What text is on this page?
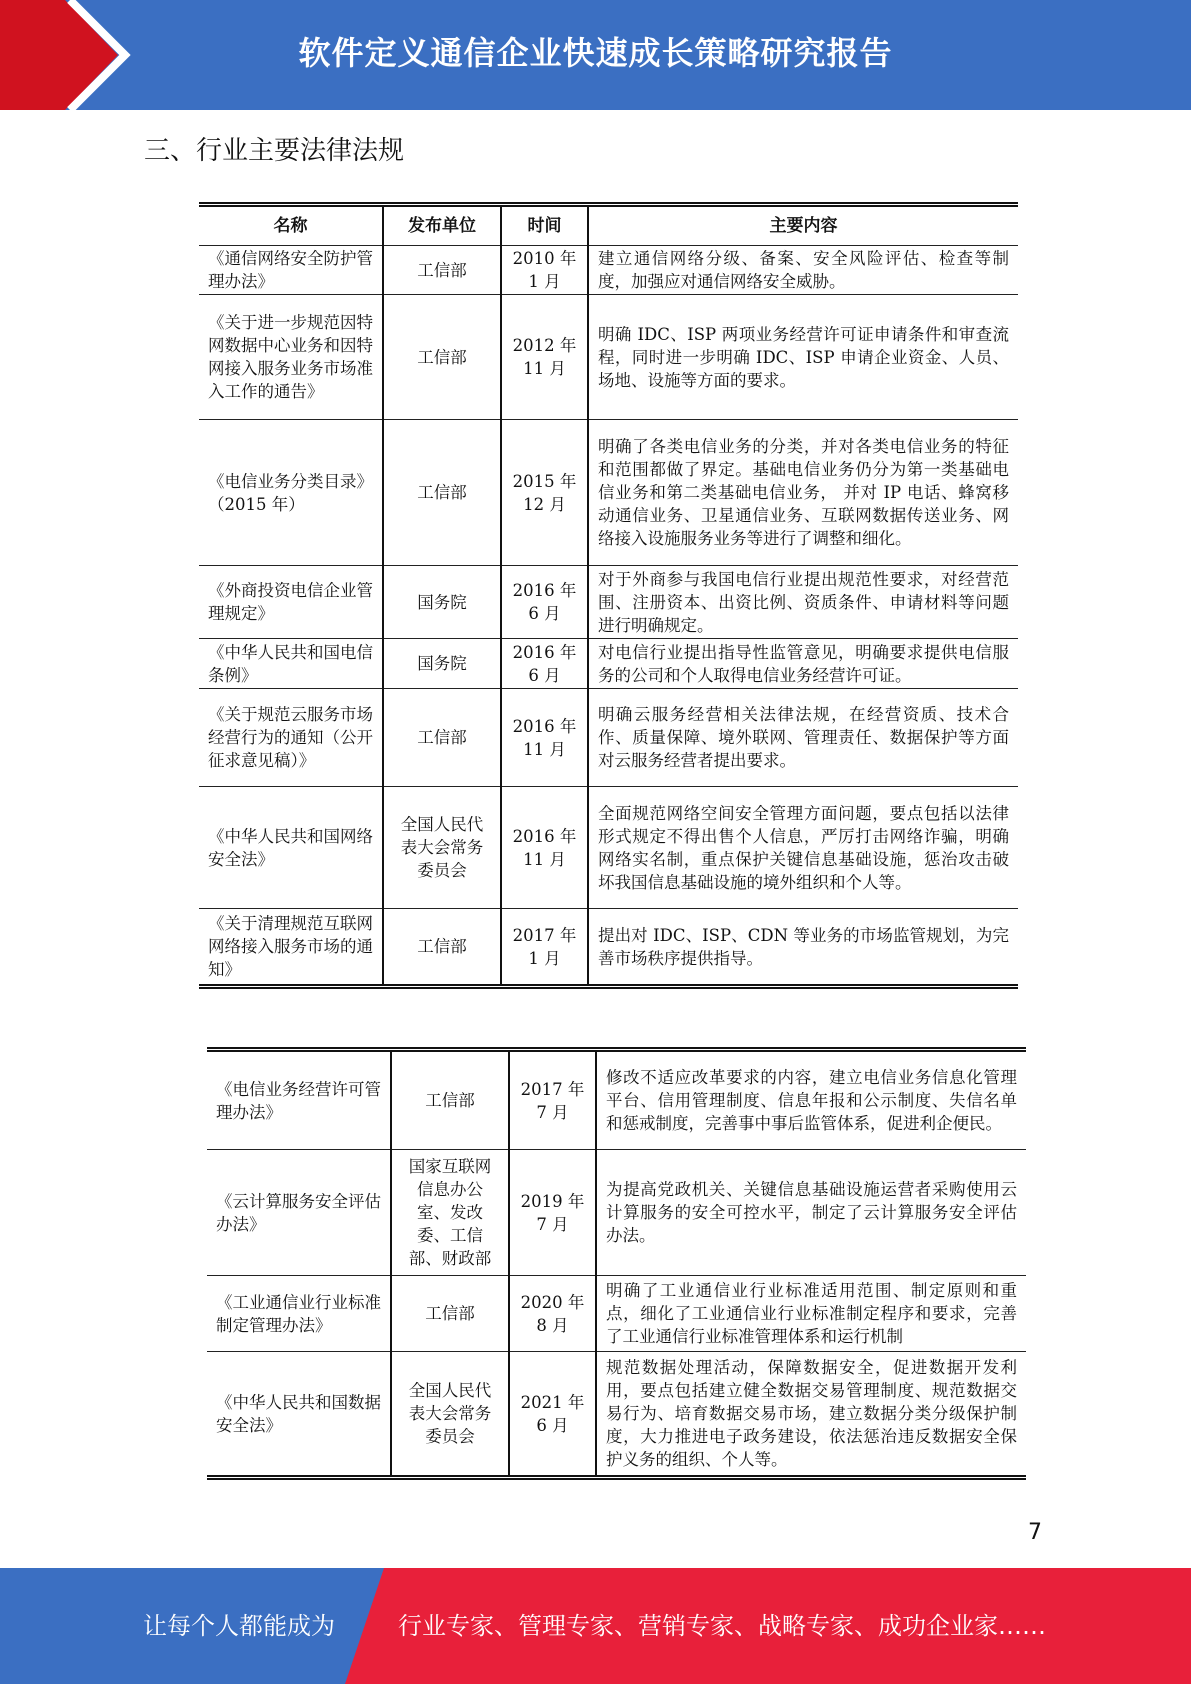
软件定义通信企业快速成长策略研究报告
三、行业主要法律法规
名称	发布单位	时间	主要内容
《通信网络安全防护管理办法》	工信部	2010 年 1 月	建立通信网络分级、备案、安全风险评估、检查等制度，加强应对通信网络安全威胁。
《关于进一步规范因特网数据中心业务和因特网接入服务业务市场准入工作的通告》	工信部	2012 年 11 月	明确 IDC、ISP 两项业务经营许可证申请条件和审查流程，同时进一步明确 IDC、ISP 申请企业资金、人员、场地、设施等方面的要求。
《电信业务分类目录》（2015 年）	工信部	2015 年 12 月	明确了各类电信业务的分类，并对各类电信业务的特征和范围都做了界定。基础电信业务仍分为第一类基础电信业务和第二类基础电信业务， 并对 IP 电话、蜂窝移动通信业务、卫星通信业务、互联网数据传送业务、网络接入设施服务业务等进行了调整和细化。
《外商投资电信企业管理规定》	国务院	2016 年 6 月	对于外商参与我国电信行业提出规范性要求，对经营范围、注册资本、出资比例、资质条件、申请材料等问题进行明确规定。
《中华人民共和国电信条例》	国务院	2016 年 6 月	对电信行业提出指导性监管意见，明确要求提供电信服务的公司和个人取得电信业务经营许可证。
《关于规范云服务市场经营行为的通知（公开征求意见稿）》	工信部	2016 年 11 月	明确云服务经营相关法律法规，在经营资质、技术合作、质量保障、境外联网、管理责任、数据保护等方面对云服务经营者提出要求。
《中华人民共和国网络安全法》	全国人民代表大会常务委员会	2016 年 11 月	全面规范网络空间安全管理方面问题，要点包括以法律形式规定不得出售个人信息，严厉打击网络诈骗，明确网络实名制，重点保护关键信息基础设施，惩治攻击破坏我国信息基础设施的境外组织和个人等。
《关于清理规范互联网网络接入服务市场的通知》	工信部	2017 年 1 月	提出对 IDC、ISP、CDN 等业务的市场监管规划，为完善市场秩序提供指导。
《电信业务经营许可管理办法》	工信部	2017 年 7 月	修改不适应改革要求的内容，建立电信业务信息化管理平台、信用管理制度、信息年报和公示制度、失信名单和惩戒制度，完善事中事后监管体系，促进利企便民。
《云计算服务安全评估办法》	国家互联网信息办公室、发改委、工信部、财政部	2019 年 7 月	为提高党政机关、关键信息基础设施运营者采购使用云计算服务的安全可控水平，制定了云计算服务安全评估办法。
《工业通信业行业标准制定管理办法》	工信部	2020 年 8 月	明确了工业通信业行业标准适用范围、制定原则和重点，细化了工业通信业行业标准制定程序和要求，完善了工业通信行业标准管理体系和运行机制
《中华人民共和国数据安全法》	全国人民代表大会常务委员会	2021 年 6 月	规范数据处理活动，保障数据安全，促进数据开发利用，要点包括建立健全数据交易管理制度、规范数据交易行为、培育数据交易市场，建立数据分类分级保护制度，大力推进电子政务建设，依法惩治违反数据安全保护义务的组织、个人等。
7
让每个人都能成为	行业专家、管理专家、营销专家、战略专家、成功企业家……
